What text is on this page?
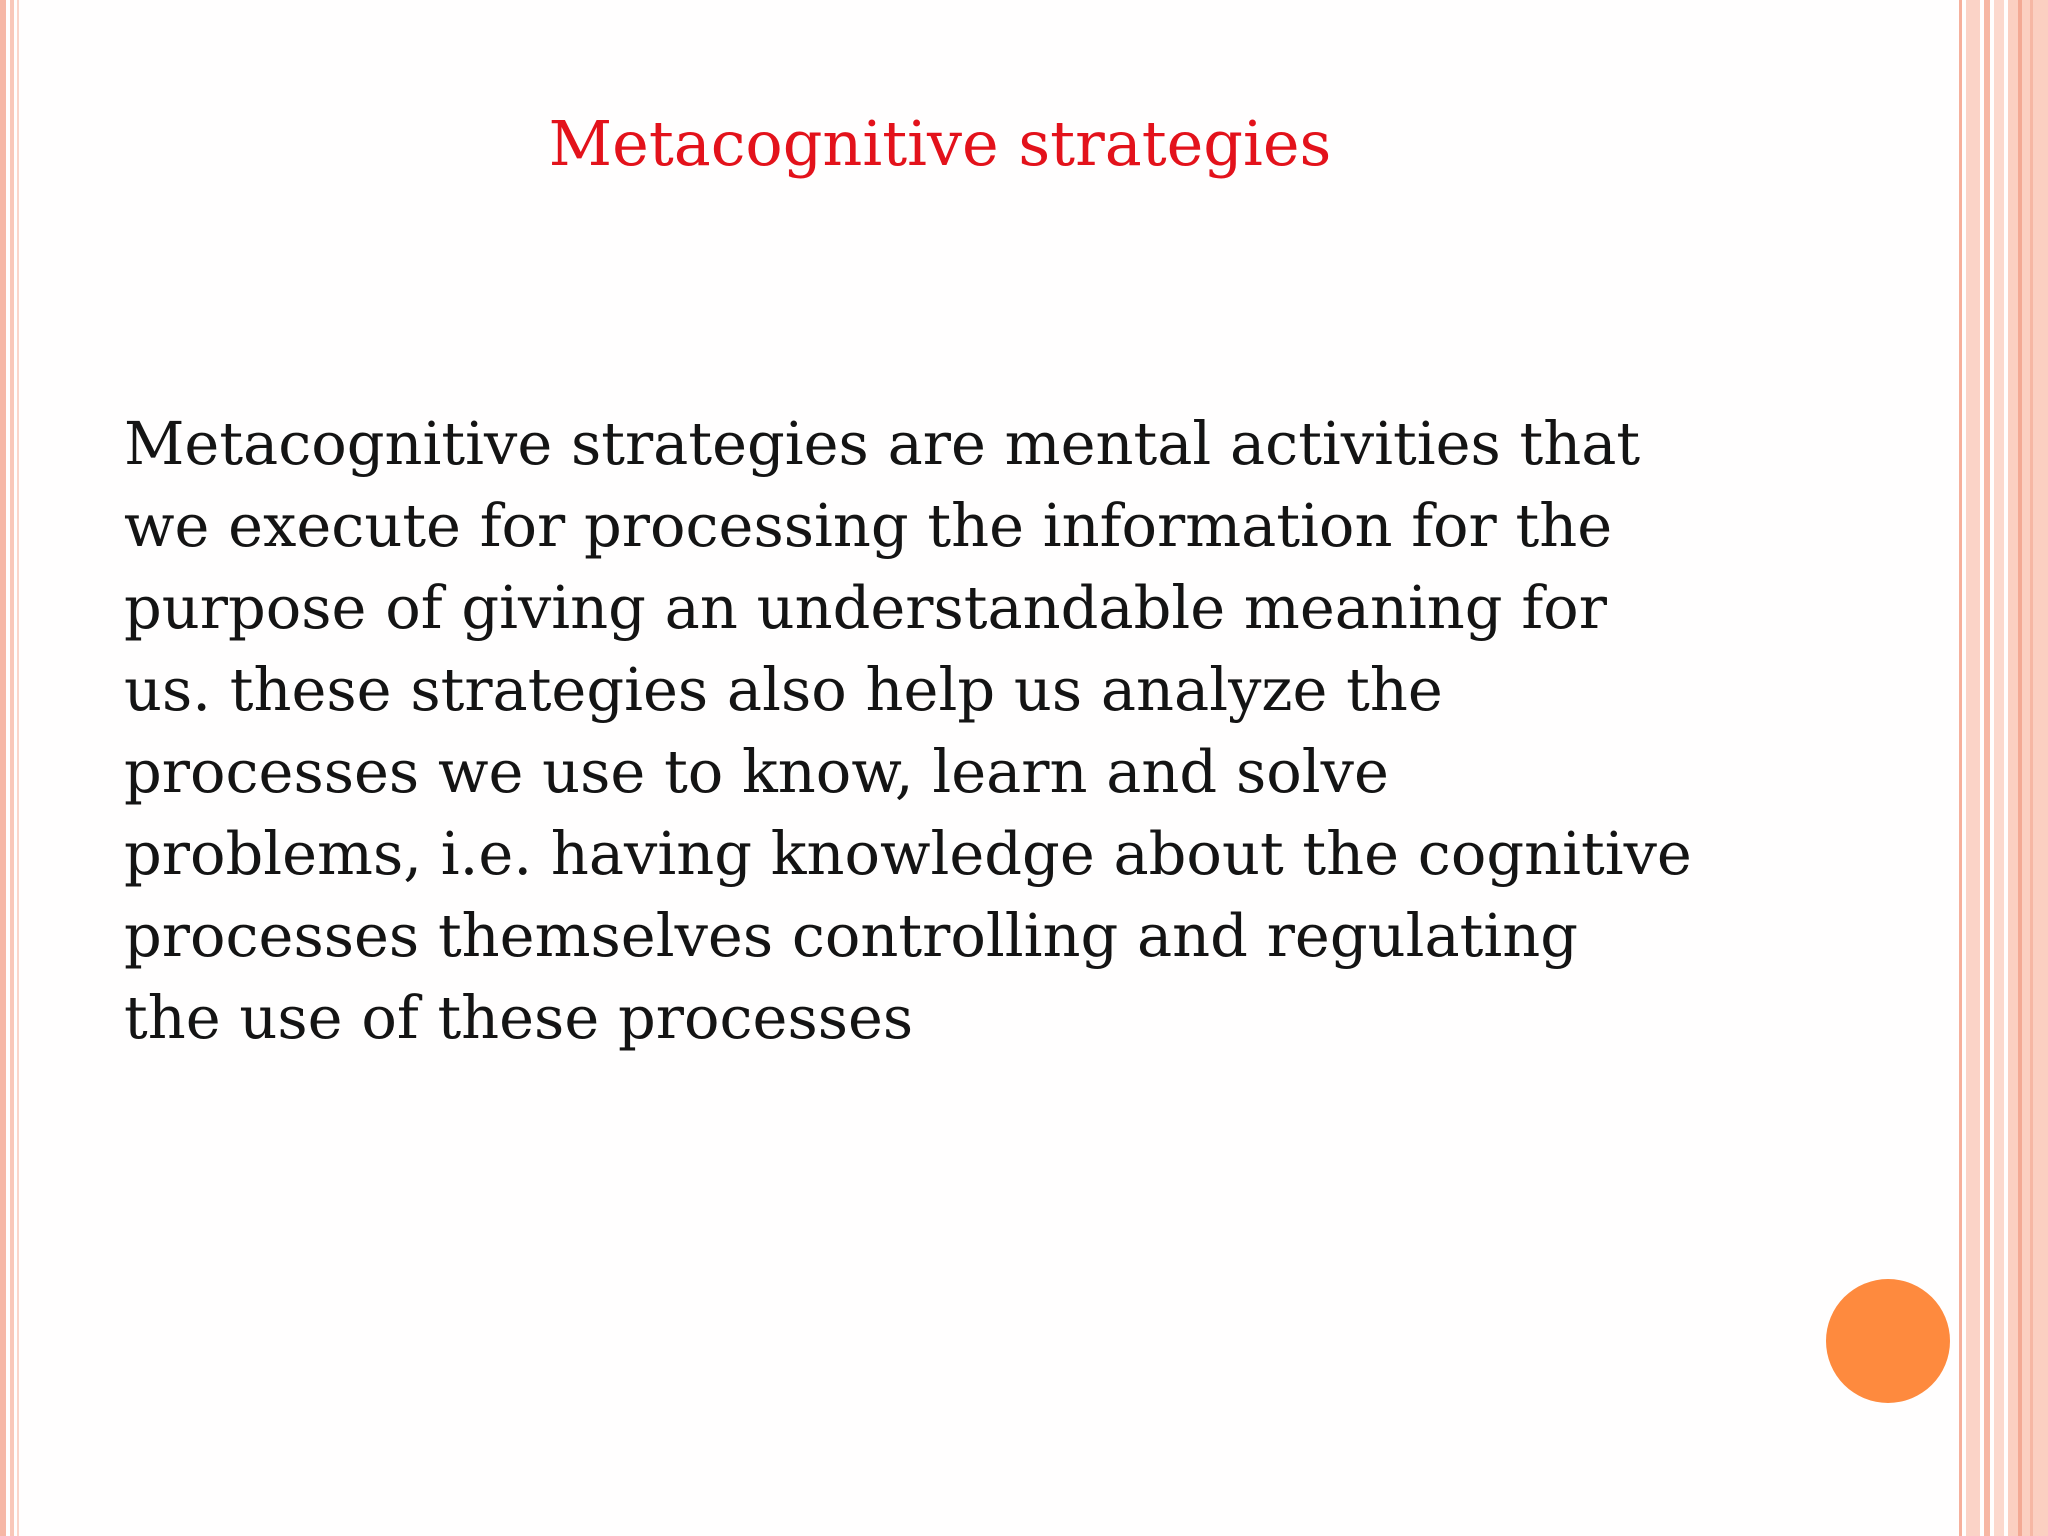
Metacognitive strategies

Metacognitive strategies are mental activities that
we execute for processing the information for the
purpose of giving an understandable meaning for
us. these strategies also help us analyze the
processes we use to know, learn and solve
problems, i.e. having knowledge about the cognitive
processes themselves controlling and regulating
the use of these processes
